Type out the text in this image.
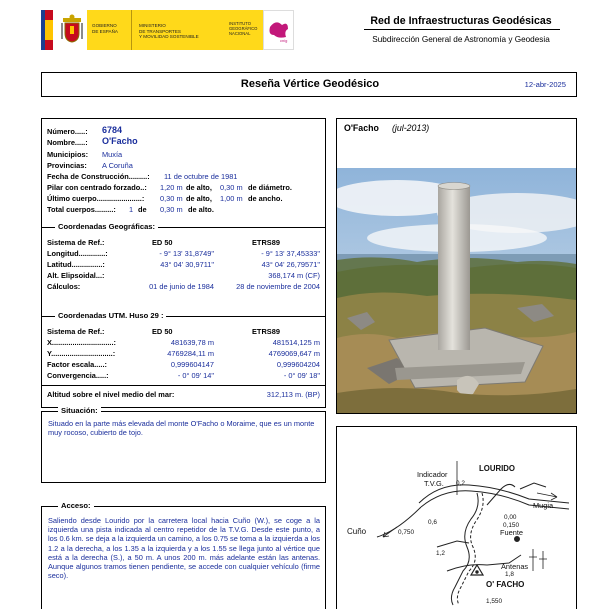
GOBIERNO
DE ESPAÑA
MINISTERIO
DE TRANSPORTES
Y MOVILIDAD SOSTENIBLE
INSTITUTO
GEOGRÁFICO
NACIONAL
cnig
Red de Infraestructuras Geodésicas
Subdirección General de Astronomía y Geodesia
Reseña Vértice Geodésico	12-abr-2025
Número.....: 6784
Nombre.....: O'Facho
Municipios: Muxía
Provincias: A Coruña
Fecha de Construcción.........: 11 de octubre de 1981
Pilar con centrado forzado..: 1,20 m de alto, 0,30 m de diámetro.
Último cuerpo......................: 0,30 m de alto, 1,00 m de ancho.
Total cuerpos.........: 1 de 0,30 m de alto.
Coordenadas Geográficas:
Sistema de Ref.:	ED 50	ETRS89
Longitud.............:	- 9° 13' 31,8749"	- 9° 13' 37,45333"
Latitud...............:	43° 04' 30,9711"	43° 04' 26,79571"
Alt. Elipsoidal...:	368,174 m (CF)
Cálculos:	01 de junio de 1984	28 de noviembre de 2004
Coordenadas UTM. Huso 29 :
Sistema de Ref.:	ED 50	ETRS89
X..............................:	481639,78 m	481514,125 m
Y..............................:	4769284,11 m	4769069,647 m
Factor escala.....:	0,999604147	0,999604204
Convergencia.....:	- 0° 09' 14"	- 0° 09' 18"
Altitud sobre el nivel medio del mar:	312,113 m. (BP)
Situación:
Situado en la parte más elevada del monte O'Facho o Moraime, que es un monte muy rocoso, cubierto de tojo.
Acceso:
Saliendo desde Lourido por la carretera local hacia Cuño (W.), se coge a la izquierda una pista indicada al centro repetidor de la T.V.G. Desde este punto, a los 0.6 km. se deja a la izquierda un camino, a los 0.75 se toma a la izquierda a los 1.2 a la derecha, a los 1.35 a la izquierda y a los 1.55 se llega junto al vértice que está a la derecha (S.), a 50 m. A unos 200 m. más adelante están las antenas. Aunque algunos tramos tienen pendiente, se accede con cualquier vehículo (firme seco).
O'Facho (jul-2013)
LOURIDO
Indicador
T.V.G. 0,2
Mugia
0,00
0,150
Fuente
Cuño	0,750
0,6
1,2
Antenas
1,8
O' FACHO
1,550
